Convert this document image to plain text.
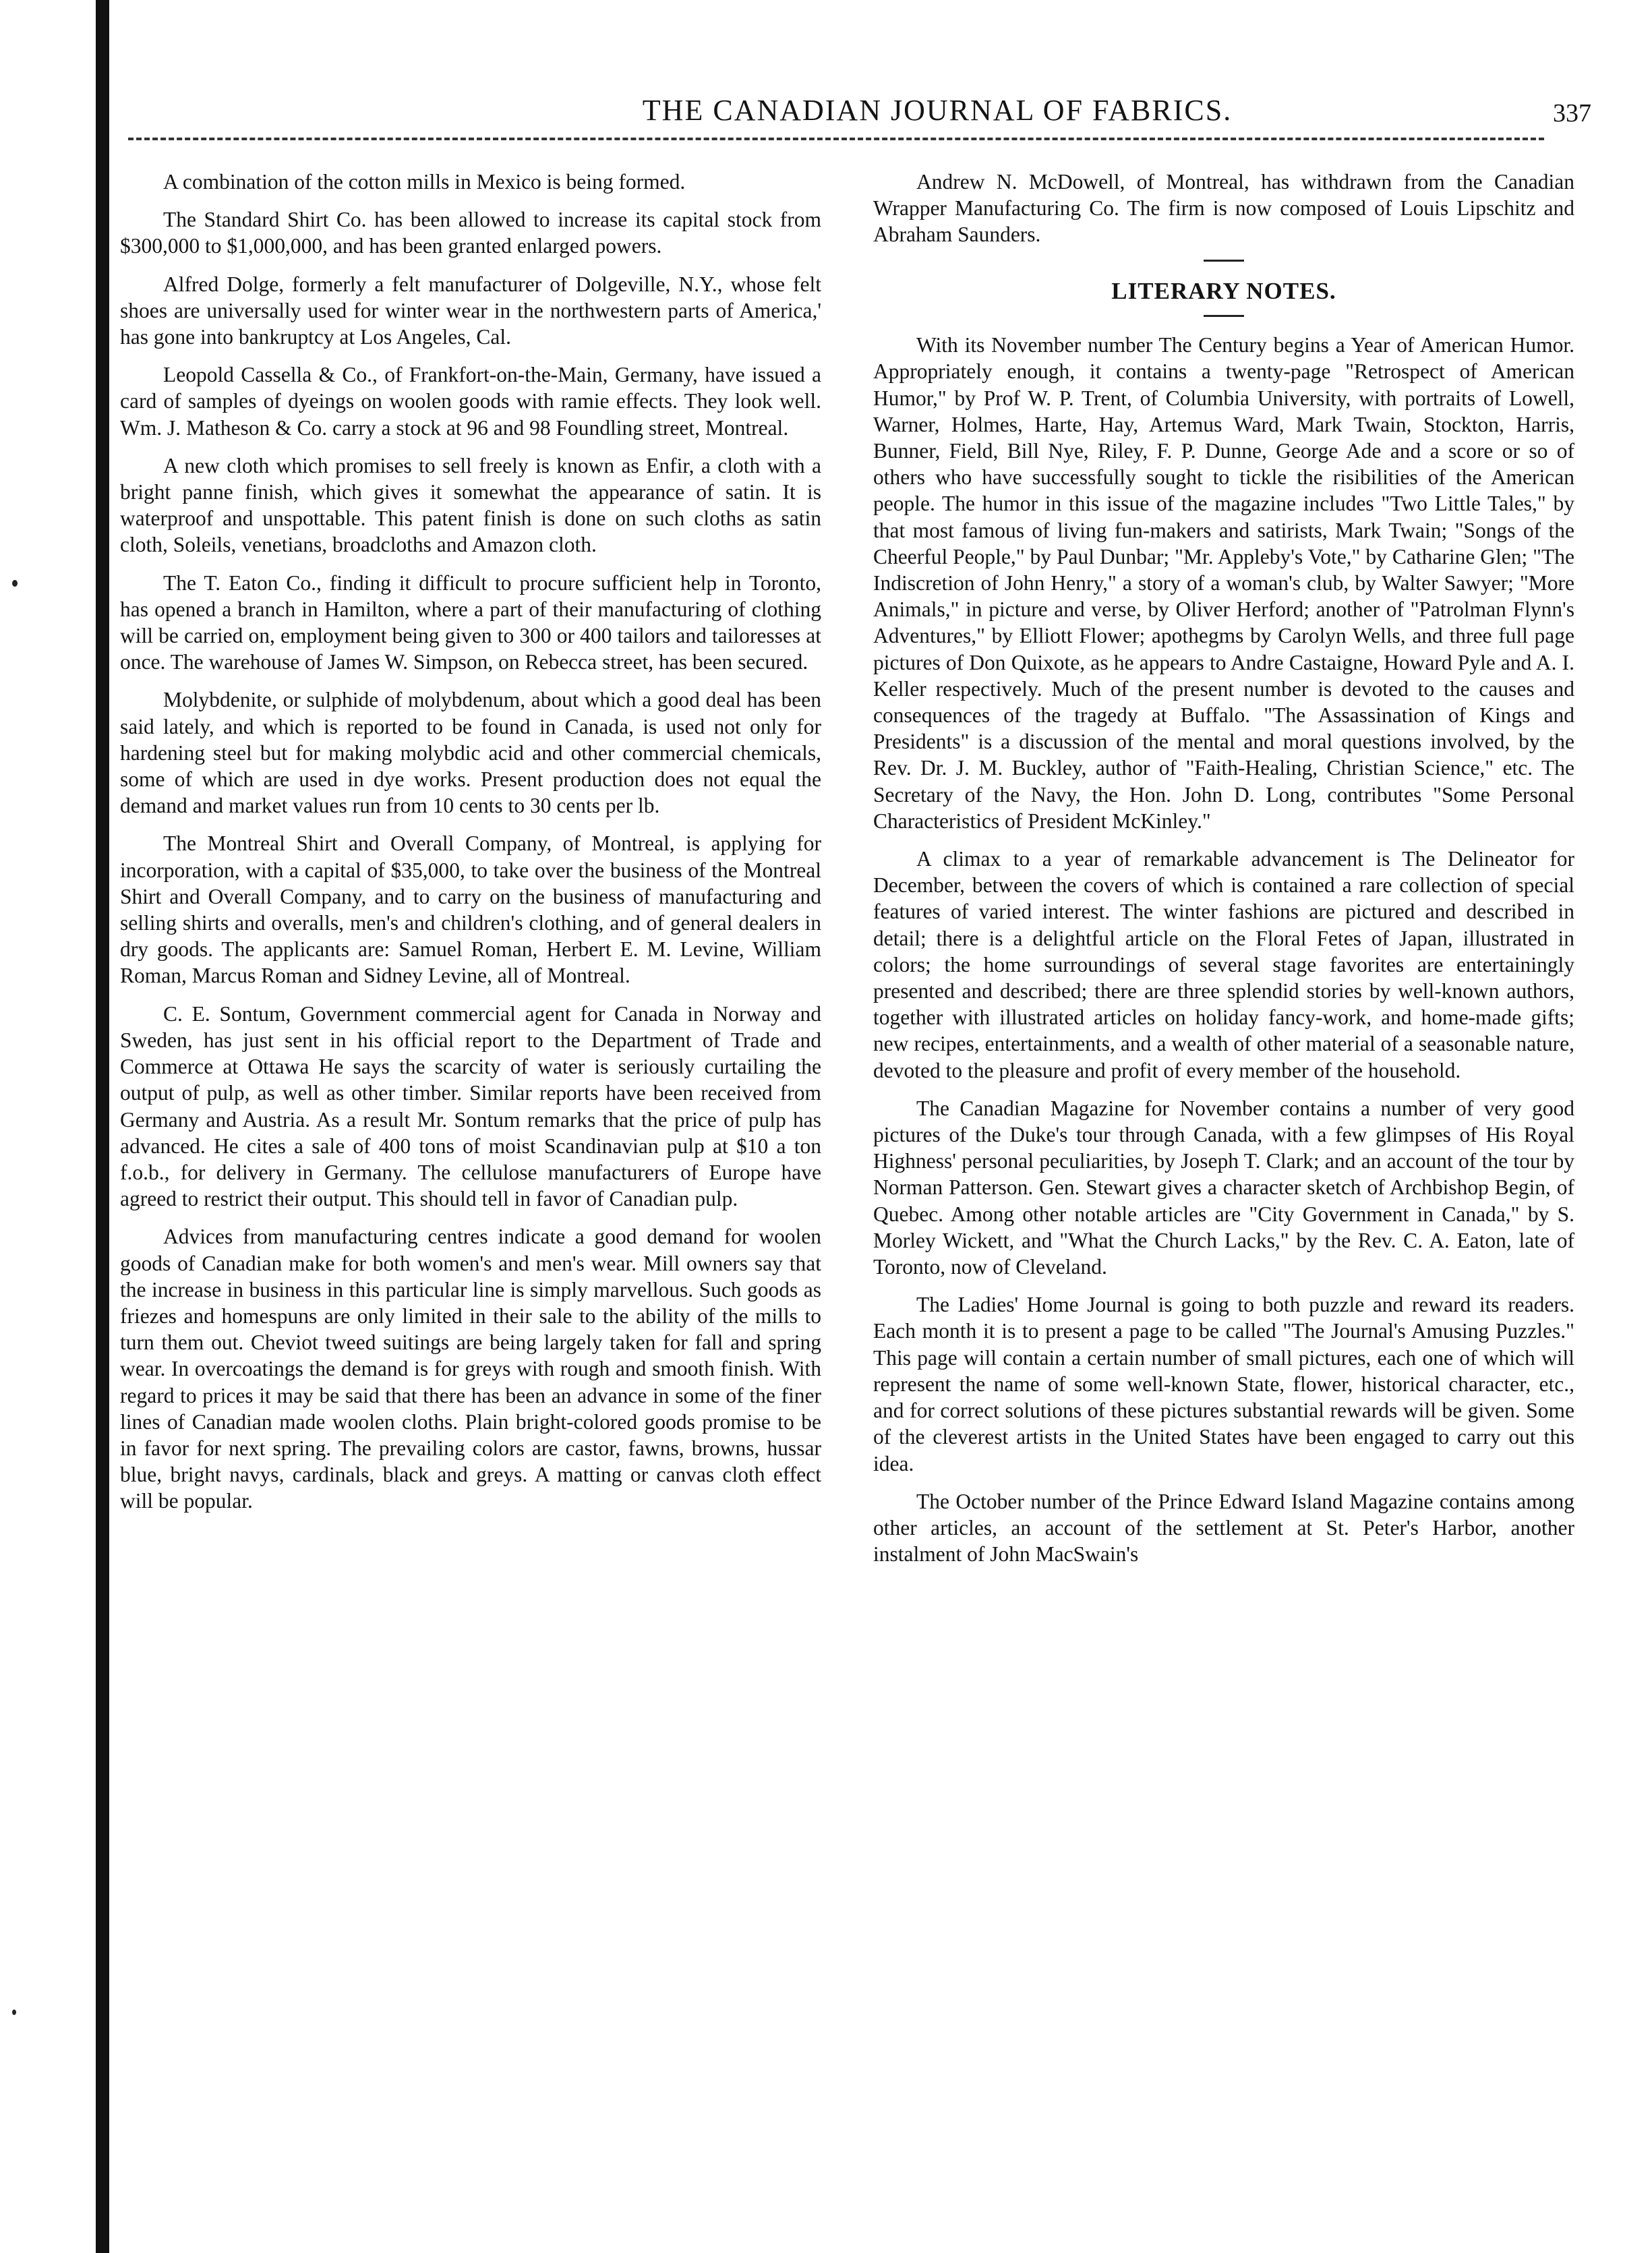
THE CANADIAN JOURNAL OF FABRICS.	337

A combination of the cotton mills in Mexico is being formed.

The Standard Shirt Co. has been allowed to increase its capital stock from $300,000 to $1,000,000, and has been granted enlarged powers.

Alfred Dolge, formerly a felt manufacturer of Dolgeville, N.Y., whose felt shoes are universally used for winter wear in the northwestern parts of America,' has gone into bankruptcy at Los Angeles, Cal.

Leopold Cassella & Co., of Frankfort-on-the-Main, Germany, have issued a card of samples of dyeings on woolen goods with ramie effects. They look well. Wm. J. Matheson & Co. carry a stock at 96 and 98 Foundling street, Montreal.

A new cloth which promises to sell freely is known as Enfir, a cloth with a bright panne finish, which gives it somewhat the appearance of satin. It is waterproof and unspottable. This patent finish is done on such cloths as satin cloth, Soleils, venetians, broadcloths and Amazon cloth.

The T. Eaton Co., finding it difficult to procure sufficient help in Toronto, has opened a branch in Hamilton, where a part of their manufacturing of clothing will be carried on, employment being given to 300 or 400 tailors and tailoresses at once. The warehouse of James W. Simpson, on Rebecca street, has been secured.

Molybdenite, or sulphide of molybdenum, about which a good deal has been said lately, and which is reported to be found in Canada, is used not only for hardening steel but for making molybdic acid and other commercial chemicals, some of which are used in dye works. Present production does not equal the demand and market values run from 10 cents to 30 cents per lb.

The Montreal Shirt and Overall Company, of Montreal, is applying for incorporation, with a capital of $35,000, to take over the business of the Montreal Shirt and Overall Company, and to carry on the business of manufacturing and selling shirts and overalls, men's and children's clothing, and of general dealers in dry goods. The applicants are: Samuel Roman, Herbert E. M. Levine, William Roman, Marcus Roman and Sidney Levine, all of Montreal.

C. E. Sontum, Government commercial agent for Canada in Norway and Sweden, has just sent in his official report to the Department of Trade and Commerce at Ottawa He says the scarcity of water is seriously curtailing the output of pulp, as well as other timber. Similar reports have been received from Germany and Austria. As a result Mr. Sontum remarks that the price of pulp has advanced. He cites a sale of 400 tons of moist Scandinavian pulp at $10 a ton f.o.b., for delivery in Germany. The cellulose manufacturers of Europe have agreed to restrict their output. This should tell in favor of Canadian pulp.

Advices from manufacturing centres indicate a good demand for woolen goods of Canadian make for both women's and men's wear. Mill owners say that the increase in business in this particular line is simply marvellous. Such goods as friezes and homespuns are only limited in their sale to the ability of the mills to turn them out. Cheviot tweed suitings are being largely taken for fall and spring wear. In overcoatings the demand is for greys with rough and smooth finish. With regard to prices it may be said that there has been an advance in some of the finer lines of Canadian made woolen cloths. Plain bright-colored goods promise to be in favor for next spring. The prevailing colors are castor, fawns, browns, hussar blue, bright navys, cardinals, black and greys. A matting or canvas cloth effect will be popular.

Andrew N. McDowell, of Montreal, has withdrawn from the Canadian Wrapper Manufacturing Co. The firm is now composed of Louis Lipschitz and Abraham Saunders.

LITERARY NOTES.

With its November number The Century begins a Year of American Humor. Appropriately enough, it contains a twenty-page "Retrospect of American Humor," by Prof W. P. Trent, of Columbia University, with portraits of Lowell, Warner, Holmes, Harte, Hay, Artemus Ward, Mark Twain, Stockton, Harris, Bunner, Field, Bill Nye, Riley, F. P. Dunne, George Ade and a score or so of others who have successfully sought to tickle the risibilities of the American people. The humor in this issue of the magazine includes "Two Little Tales," by that most famous of living fun-makers and satirists, Mark Twain; "Songs of the Cheerful People," by Paul Dunbar; "Mr. Appleby's Vote," by Catharine Glen; "The Indiscretion of John Henry," a story of a woman's club, by Walter Sawyer; "More Animals," in picture and verse, by Oliver Herford; another of "Patrolman Flynn's Adventures," by Elliott Flower; apothegms by Carolyn Wells, and three full page pictures of Don Quixote, as he appears to Andre Castaigne, Howard Pyle and A. I. Keller respectively. Much of the present number is devoted to the causes and consequences of the tragedy at Buffalo. "The Assassination of Kings and Presidents" is a discussion of the mental and moral questions involved, by the Rev. Dr. J. M. Buckley, author of "Faith-Healing, Christian Science," etc. The Secretary of the Navy, the Hon. John D. Long, contributes "Some Personal Characteristics of President McKinley."

A climax to a year of remarkable advancement is The Delineator for December, between the covers of which is contained a rare collection of special features of varied interest. The winter fashions are pictured and described in detail; there is a delightful article on the Floral Fetes of Japan, illustrated in colors; the home surroundings of several stage favorites are entertainingly presented and described; there are three splendid stories by well-known authors, together with illustrated articles on holiday fancy-work, and home-made gifts; new recipes, entertainments, and a wealth of other material of a seasonable nature, devoted to the pleasure and profit of every member of the household.

The Canadian Magazine for November contains a number of very good pictures of the Duke's tour through Canada, with a few glimpses of His Royal Highness' personal peculiarities, by Joseph T. Clark; and an account of the tour by Norman Patterson. Gen. Stewart gives a character sketch of Archbishop Begin, of Quebec. Among other notable articles are "City Government in Canada," by S. Morley Wickett, and "What the Church Lacks," by the Rev. C. A. Eaton, late of Toronto, now of Cleveland.

The Ladies' Home Journal is going to both puzzle and reward its readers. Each month it is to present a page to be called "The Journal's Amusing Puzzles." This page will contain a certain number of small pictures, each one of which will represent the name of some well-known State, flower, historical character, etc., and for correct solutions of these pictures substantial rewards will be given. Some of the cleverest artists in the United States have been engaged to carry out this idea.

The October number of the Prince Edward Island Magazine contains among other articles, an account of the settlement at St. Peter's Harbor, another instalment of John MacSwain's
